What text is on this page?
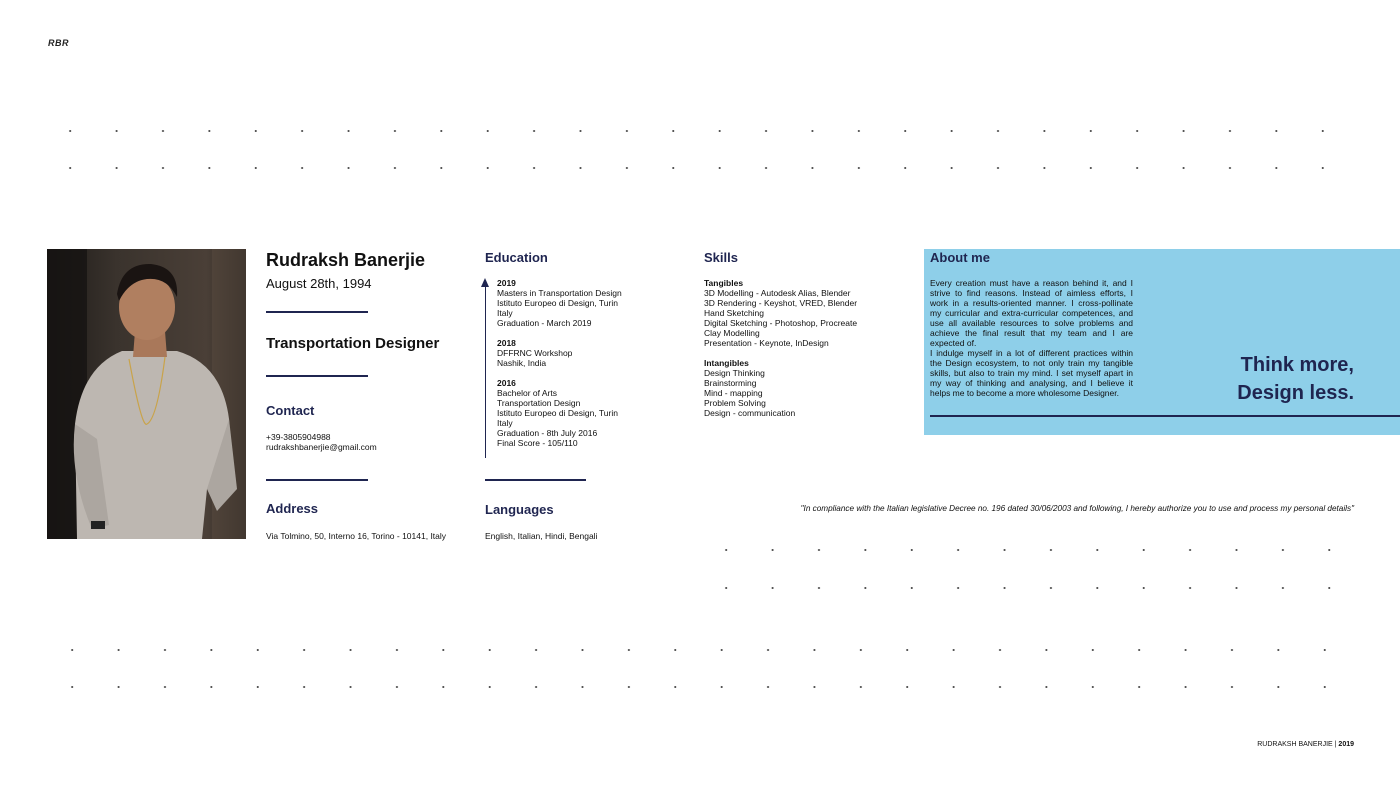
RBR
Rudraksh Banerjie
August 28th, 1994
Transportation Designer
Contact
+39-3805904988
rudrakshbanerjie@gmail.com
Address
Via Tolmino, 50, Interno 16, Torino - 10141, Italy
Education
2019
Masters in Transportation Design
Istituto Europeo di Design, Turin
Italy
Graduation - March 2019
2018
DFFRNC Workshop
Nashik, India
2016
Bachelor of Arts
Transportation Design
Istituto Europeo di Design, Turin
Italy
Graduation - 8th July 2016
Final Score - 105/110
Languages
English, Italian, Hindi, Bengali
Skills
Tangibles
3D Modelling - Autodesk Alias, Blender
3D Rendering - Keyshot, VRED, Blender
Hand Sketching
Digital Sketching - Photoshop, Procreate
Clay Modelling
Presentation - Keynote, InDesign
Intangibles
Design Thinking
Brainstorming
Mind - mapping
Problem Solving
Design - communication
About me
Every creation must have a reason behind it, and I strive to find reasons. Instead of aimless efforts, I work in a results-oriented manner. I cross-pollinate my curricular and extra-curricular competences, and use all available resources to solve problems and achieve the final result that my team and I are expected of.
I indulge myself in a lot of different practices within the Design ecosystem, to not only train my tangible skills, but also to train my mind. I set myself apart in my way of thinking and analysing, and I believe it helps me to become a more wholesome Designer.
Think more,
Design less.
"In compliance with the Italian legislative Decree no. 196 dated 30/06/2003 and following, I hereby authorize you to use and process my personal details"
RUDRAKSH BANERJIE | 2019
